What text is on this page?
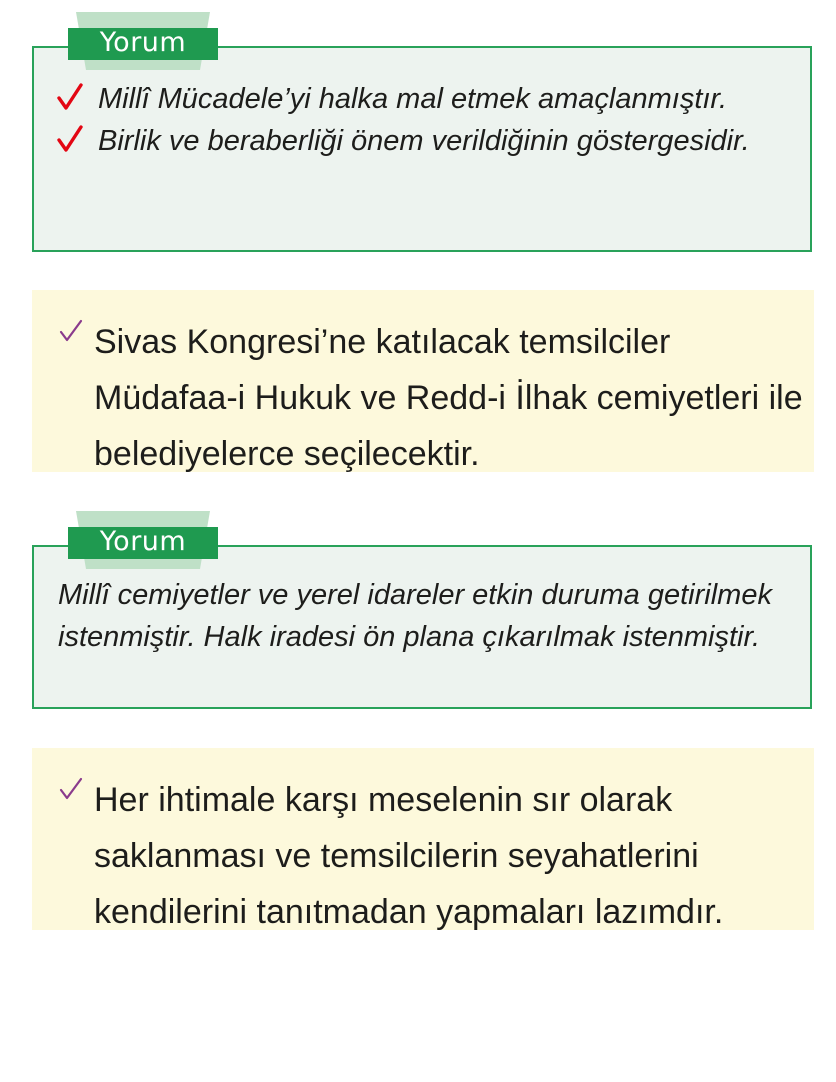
Yorum
Millî Mücadele’yi halka mal etmek amaçlanmıştır.
Birlik ve beraberliği önem verildiğinin göstergesidir.

Sivas Kongresi’ne katılacak temsilciler Müdafaa-i Hukuk ve Redd-i İlhak cemiyetleri ile belediyelerce seçilecektir.

Yorum

Millî cemiyetler ve yerel idareler etkin duruma getirilmek istenmiştir. Halk iradesi ön plana çıkarılmak istenmiştir.

Her ihtimale karşı meselenin sır olarak saklanması ve temsilcilerin seyahatlerini kendilerini tanıtmadan yapmaları lazımdır.
